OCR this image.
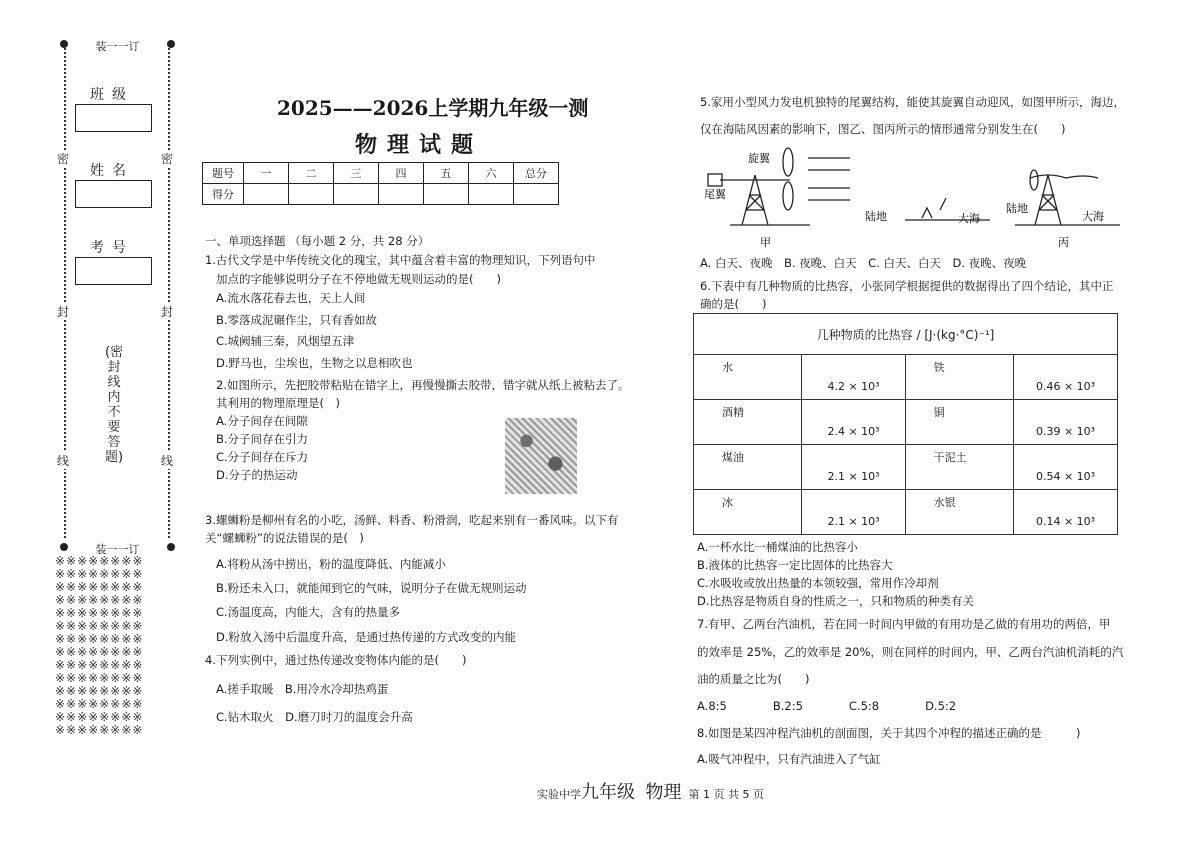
装一一订
密	密
封	封
线	线
班级
姓名
考号
(密封线内不要答题)
装一一订
※※※※※※※※
※※※※※※※※
※※※※※※※※
※※※※※※※※
※※※※※※※※
※※※※※※※※
※※※※※※※※
※※※※※※※※
※※※※※※※※
※※※※※※※※
※※※※※※※※
※※※※※※※※
※※※※※※※※
※※※※※※※※
2025——2026上学期九年级一测
物理试题
题号	一	二	三	四	五	六	总分
得分							
一、单项选择题 （每小题 2 分，共 28 分）
1.古代文学是中华传统文化的瑰宝，其中蕴含着丰富的物理知识，下列语句中
加点的字能够说明分子在不停地做无规则运动的是(　　)
A.流水落花春去也，天上人间
B.零落成泥碾作尘，只有香如故
C.城阙辅三秦，风烟望五津
D.野马也，尘埃也，生物之以息相吹也
2.如图所示，先把胶带粘贴在错字上，再慢慢撕去胶带，错字就从纸上被粘去了。
其利用的物理原理是(　)
A.分子间存在间隙
B.分子间存在引力
C.分子间存在斥力
D.分子的热运动
3.螺蛳粉是柳州有名的小吃，汤鲜、料香、粉滑润，吃起来别有一番风味。以下有
关“螺蛳粉”的说法错误的是(　)
A.将粉从汤中捞出，粉的温度降低、内能减小
B.粉还未入口，就能闻到它的气味，说明分子在做无规则运动
C.汤温度高，内能大，含有的热量多
D.粉放入汤中后温度升高，是通过热传递的方式改变的内能
4.下列实例中，通过热传递改变物体内能的是(　　)
A.搓手取暖　B.用冷水冷却热鸡蛋
C.钻木取火　D.磨刀时刀的温度会升高
5.家用小型风力发电机独特的尾翼结构，能使其旋翼自动迎风，如图甲所示，海边，
仅在海陆风因素的影响下，图乙、图丙所示的情形通常分别发生在(　　)
旋翼
尾翼
陆地	大海
陆地
大海
甲	丙
A. 白天、夜晚　B. 夜晚、白天　C. 白天、白天　D. 夜晚、夜晚
6.下表中有几种物质的比热容，小张同学根据提供的数据得出了四个结论，其中正
确的是(　　)
几种物质的比热容 / [J·(kg·°C)⁻¹]			
水	4.2 × 10³	铁	0.46 × 10³
酒精	2.4 × 10³	铜	0.39 × 10³
煤油	2.1 × 10³	干泥土	0.54 × 10³
冰	2.1 × 10³	水银	0.14 × 10³
A.一杯水比一桶煤油的比热容小
B.液体的比热容一定比固体的比热容大
C.水吸收或放出热量的本领较强，常用作冷却剂
D.比热容是物质自身的性质之一，只和物质的种类有关
7.有甲、乙两台汽油机，若在同一时间内甲做的有用功是乙做的有用功的两倍，甲
的效率是 25%，乙的效率是 20%，则在同样的时间内，甲、乙两台汽油机消耗的汽
油的质量之比为(　　)
A.8:5　　　　B.2:5　　　　C.5:8　　　　D.5:2
8.如图是某四冲程汽油机的剖面图，关于其四个冲程的描述正确的是　　　)
A.吸气冲程中，只有汽油进入了气缸
实验中学九年级 物理 第 1 页 共 5 页
